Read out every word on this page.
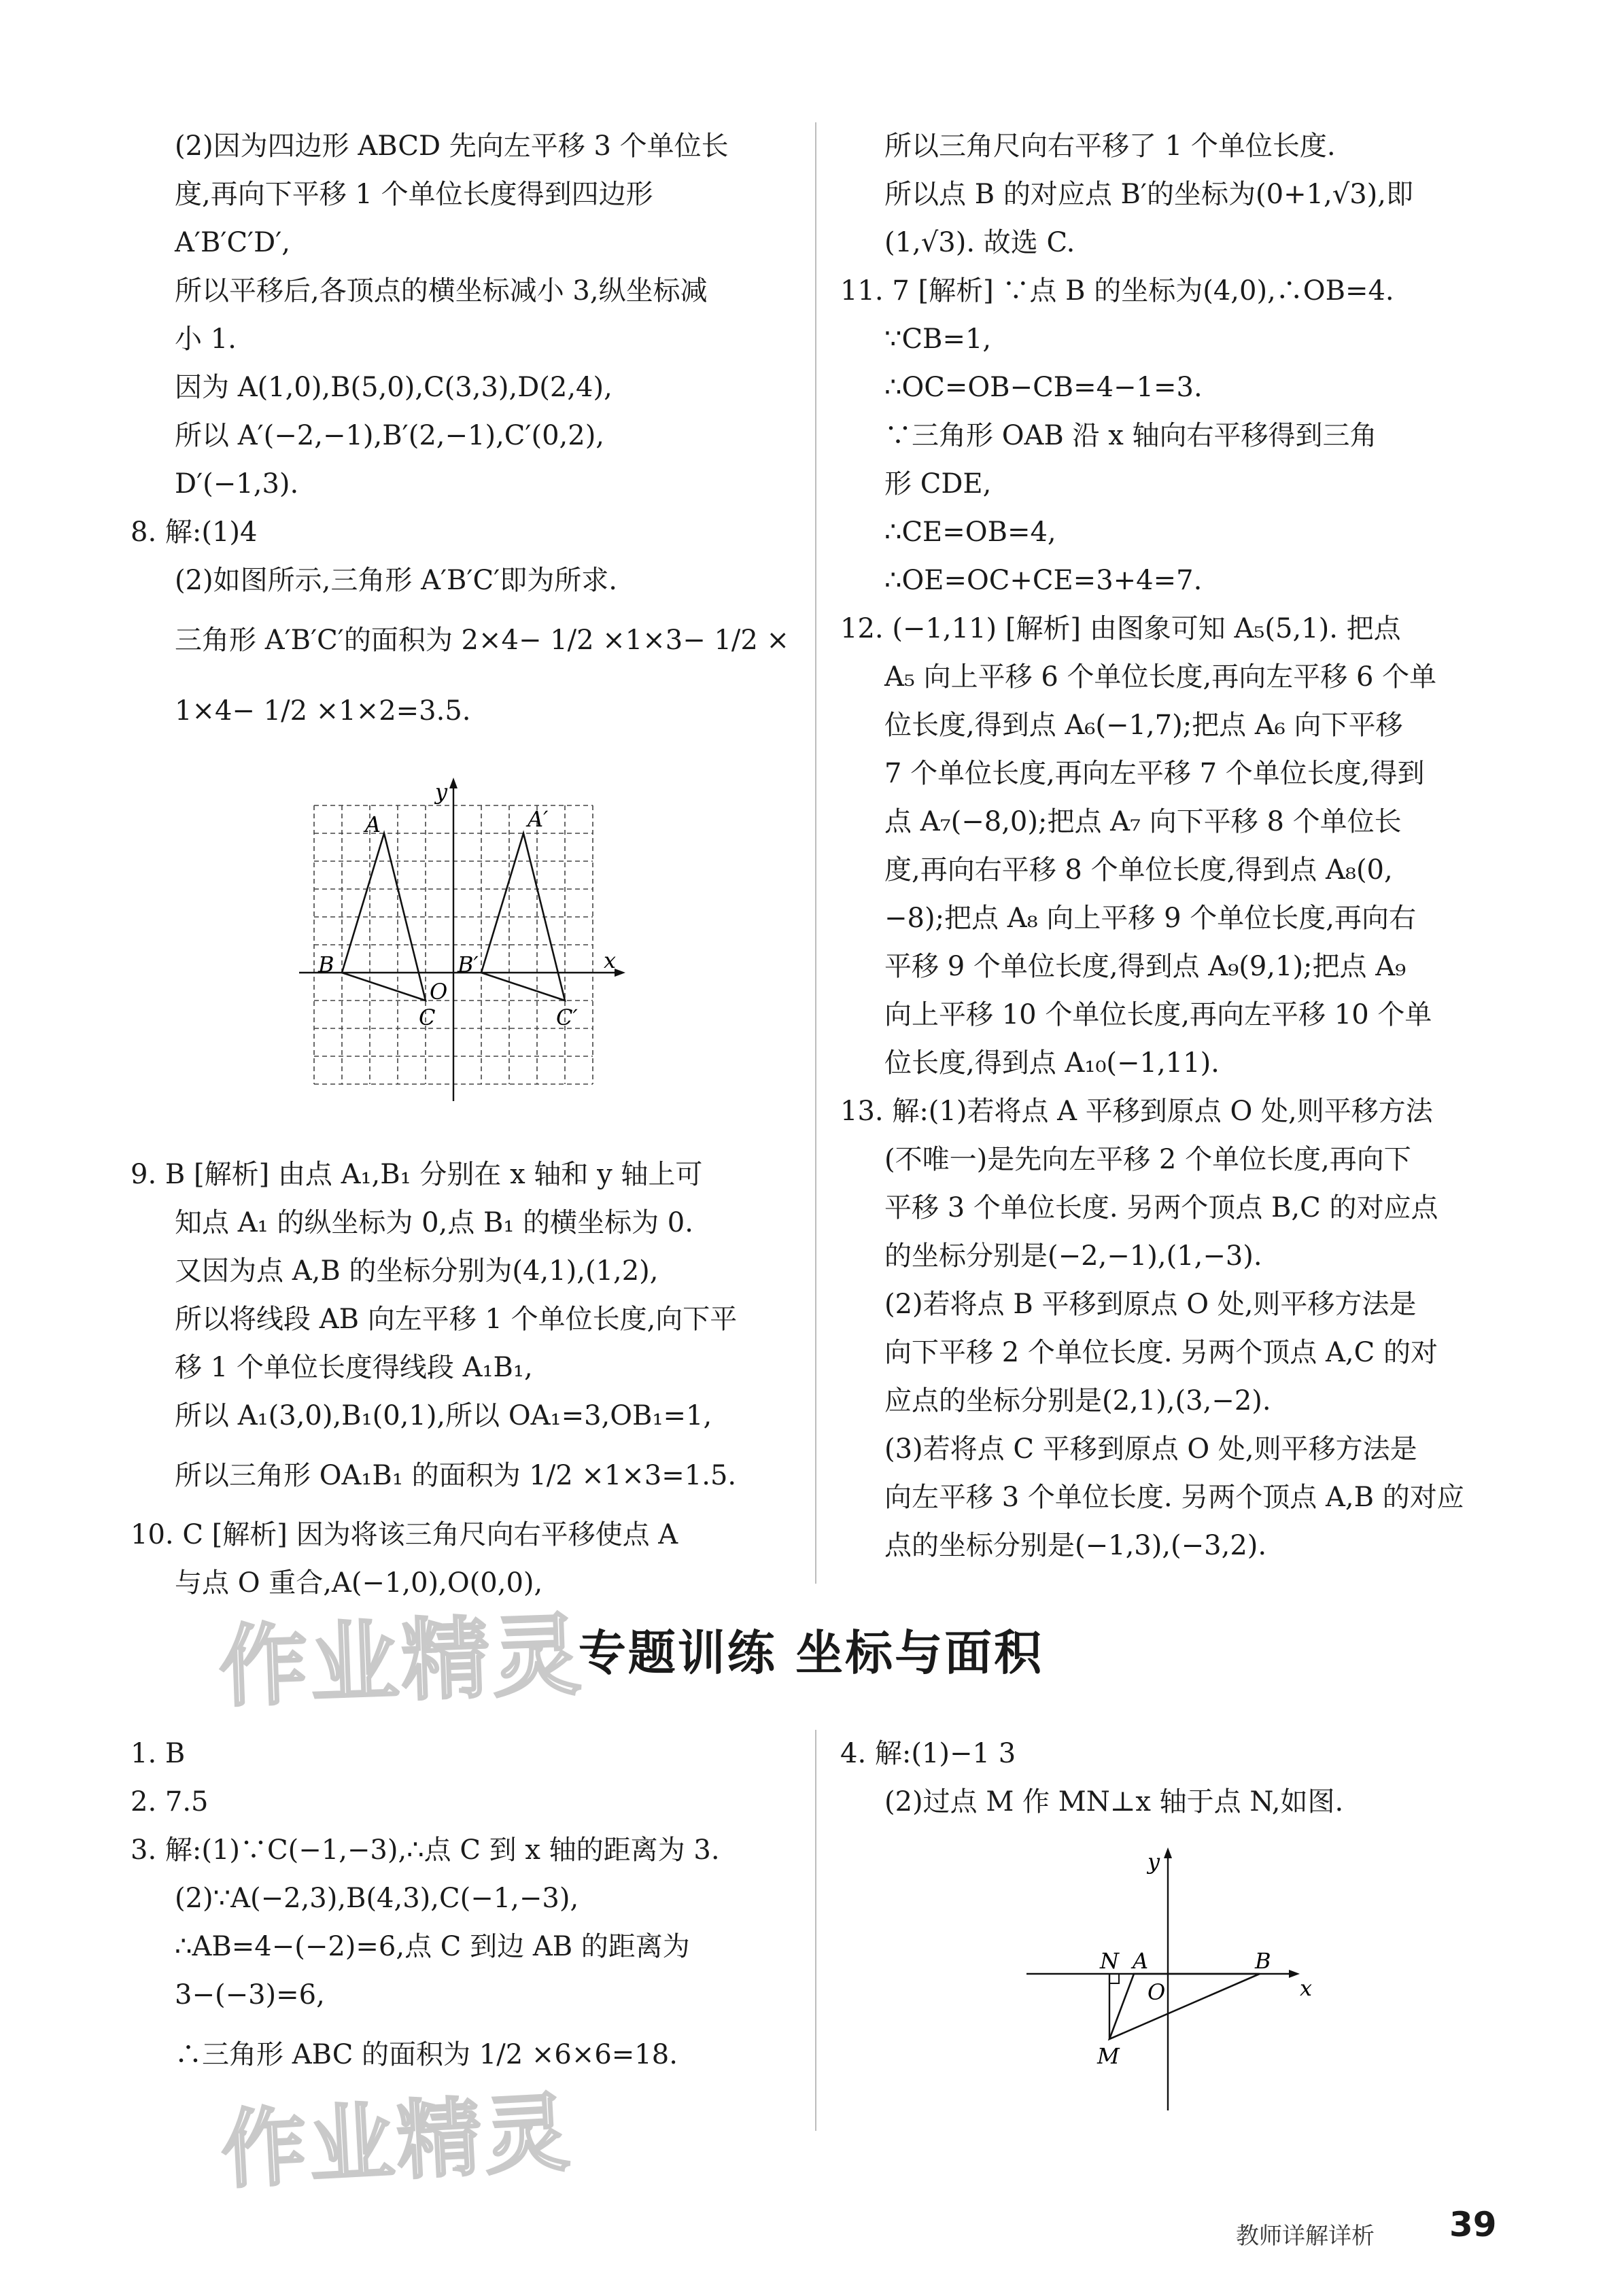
(2)因为四边形 ABCD 先向左平移 3 个单位长
度,再向下平移 1 个单位长度得到四边形
A′B′C′D′,
所以平移后,各顶点的横坐标减小 3,纵坐标减
小 1.
因为 A(1,0),B(5,0),C(3,3),D(2,4),
所以 A′(−2,−1),B′(2,−1),C′(0,2),
D′(−1,3).
8. 解:(1)4
(2)如图所示,三角形 A′B′C′即为所求.
三角形 A′B′C′的面积为 2×4− 1/2 ×1×3− 1/2 ×
1×4− 1/2 ×1×2=3.5.
y
x
O
A	A′
B	B′
C	C′
9. B [解析] 由点 A₁,B₁ 分别在 x 轴和 y 轴上可
知点 A₁ 的纵坐标为 0,点 B₁ 的横坐标为 0.
又因为点 A,B 的坐标分别为(4,1),(1,2),
所以将线段 AB 向左平移 1 个单位长度,向下平
移 1 个单位长度得线段 A₁B₁,
所以 A₁(3,0),B₁(0,1),所以 OA₁=3,OB₁=1,
所以三角形 OA₁B₁ 的面积为 1/2 ×1×3=1.5.
10. C [解析] 因为将该三角尺向右平移使点 A
与点 O 重合,A(−1,0),O(0,0),
所以三角尺向右平移了 1 个单位长度.
所以点 B 的对应点 B′的坐标为(0+1,√3),即
(1,√3). 故选 C.
11. 7 [解析] ∵点 B 的坐标为(4,0),∴OB=4.
∵CB=1,
∴OC=OB−CB=4−1=3.
∵三角形 OAB 沿 x 轴向右平移得到三角
形 CDE,
∴CE=OB=4,
∴OE=OC+CE=3+4=7.
12. (−1,11) [解析] 由图象可知 A₅(5,1). 把点
A₅ 向上平移 6 个单位长度,再向左平移 6 个单
位长度,得到点 A₆(−1,7);把点 A₆ 向下平移
7 个单位长度,再向左平移 7 个单位长度,得到
点 A₇(−8,0);把点 A₇ 向下平移 8 个单位长
度,再向右平移 8 个单位长度,得到点 A₈(0,
−8);把点 A₈ 向上平移 9 个单位长度,再向右
平移 9 个单位长度,得到点 A₉(9,1);把点 A₉
向上平移 10 个单位长度,再向左平移 10 个单
位长度,得到点 A₁₀(−1,11).
13. 解:(1)若将点 A 平移到原点 O 处,则平移方法
(不唯一)是先向左平移 2 个单位长度,再向下
平移 3 个单位长度. 另两个顶点 B,C 的对应点
的坐标分别是(−2,−1),(1,−3).
(2)若将点 B 平移到原点 O 处,则平移方法是
向下平移 2 个单位长度. 另两个顶点 A,C 的对
应点的坐标分别是(2,1),(3,−2).
(3)若将点 C 平移到原点 O 处,则平移方法是
向左平移 3 个单位长度. 另两个顶点 A,B 的对应
点的坐标分别是(−1,3),(−3,2).
作业精灵
作业精灵
专题训练 坐标与面积
1. B
2. 7.5
3. 解:(1)∵C(−1,−3),∴点 C 到 x 轴的距离为 3.
(2)∵A(−2,3),B(4,3),C(−1,−3),
∴AB=4−(−2)=6,点 C 到边 AB 的距离为
3−(−3)=6,
∴三角形 ABC 的面积为 1/2 ×6×6=18.
4. 解:(1)−1 3
(2)过点 M 作 MN⊥x 轴于点 N,如图.
y
x
O
N A	B
M
教师详解详析 39
